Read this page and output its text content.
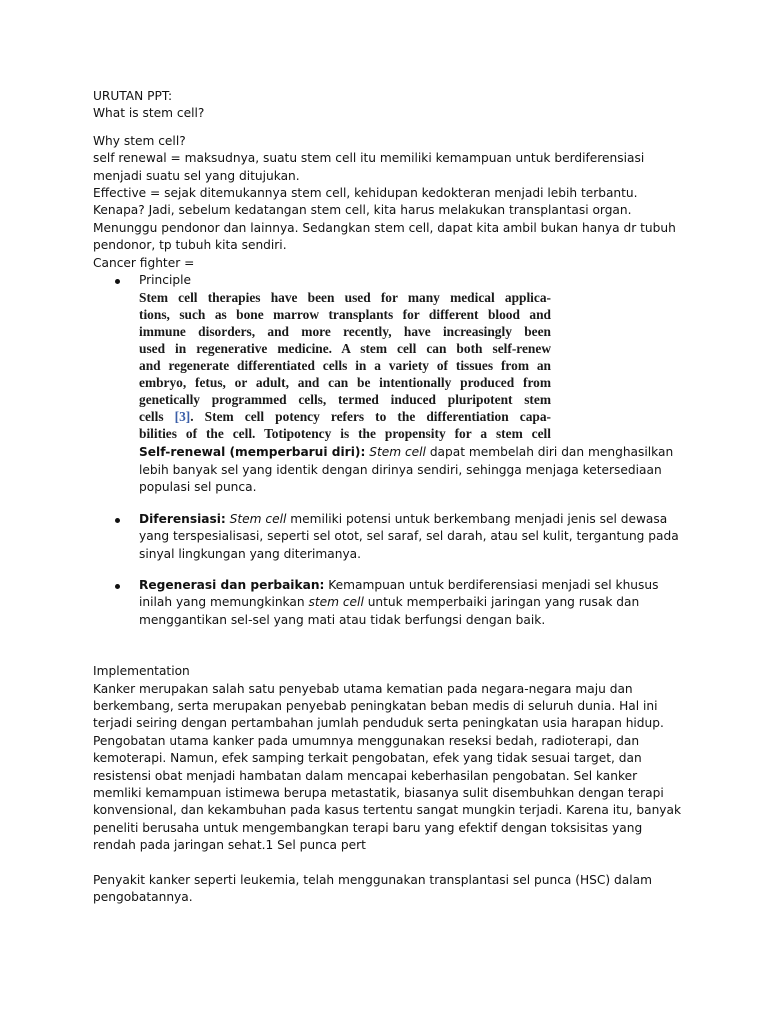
URUTAN PPT:

What is stem cell?

Why stem cell?

self renewal = maksudnya, suatu stem cell itu memiliki kemampuan untuk berdiferensiasi menjadi suatu sel yang ditujukan.

Effective = sejak ditemukannya stem cell, kehidupan kedokteran menjadi lebih terbantu. Kenapa? Jadi, sebelum kedatangan stem cell, kita harus melakukan transplantasi organ. Menunggu pendonor dan lainnya. Sedangkan stem cell, dapat kita ambil bukan hanya dr tubuh pendonor, tp tubuh kita sendiri.

Cancer fighter =

Principle
Stem cell therapies have been used for many medical applica-
tions, such as bone marrow transplants for different blood and
immune disorders, and more recently, have increasingly been
used in regenerative medicine. A stem cell can both self-renew
and regenerate differentiated cells in a variety of tissues from an
embryo, fetus, or adult, and can be intentionally produced from
genetically programmed cells, termed induced pluripotent stem
cells [3]. Stem cell potency refers to the differentiation capa-
bilities of the cell. Totipotency is the propensity for a stem cell
Self-renewal (memperbarui diri): Stem cell dapat membelah diri dan menghasilkan lebih banyak sel yang identik dengan dirinya sendiri, sehingga menjaga ketersediaan populasi sel punca.
Diferensiasi: Stem cell memiliki potensi untuk berkembang menjadi jenis sel dewasa yang terspesialisasi, seperti sel otot, sel saraf, sel darah, atau sel kulit, tergantung pada sinyal lingkungan yang diterimanya.
Regenerasi dan perbaikan: Kemampuan untuk berdiferensiasi menjadi sel khusus inilah yang memungkinkan stem cell untuk memperbaiki jaringan yang rusak dan menggantikan sel-sel yang mati atau tidak berfungsi dengan baik.

Implementation

Kanker merupakan salah satu penyebab utama kematian pada negara-negara maju dan berkembang, serta merupakan penyebab peningkatan beban medis di seluruh dunia. Hal ini terjadi seiring dengan pertambahan jumlah penduduk serta peningkatan usia harapan hidup. Pengobatan utama kanker pada umumnya menggunakan reseksi bedah, radioterapi, dan kemoterapi. Namun, efek samping terkait pengobatan, efek yang tidak sesuai target, dan resistensi obat menjadi hambatan dalam mencapai keberhasilan pengobatan. Sel kanker memliki kemampuan istimewa berupa metastatik, biasanya sulit disembuhkan dengan terapi konvensional, dan kekambuhan pada kasus tertentu sangat mungkin terjadi. Karena itu, banyak peneliti berusaha untuk mengembangkan terapi baru yang efektif dengan toksisitas yang rendah pada jaringan sehat.1 Sel punca pert

Penyakit kanker seperti leukemia, telah menggunakan transplantasi sel punca (HSC) dalam pengobatannya.
